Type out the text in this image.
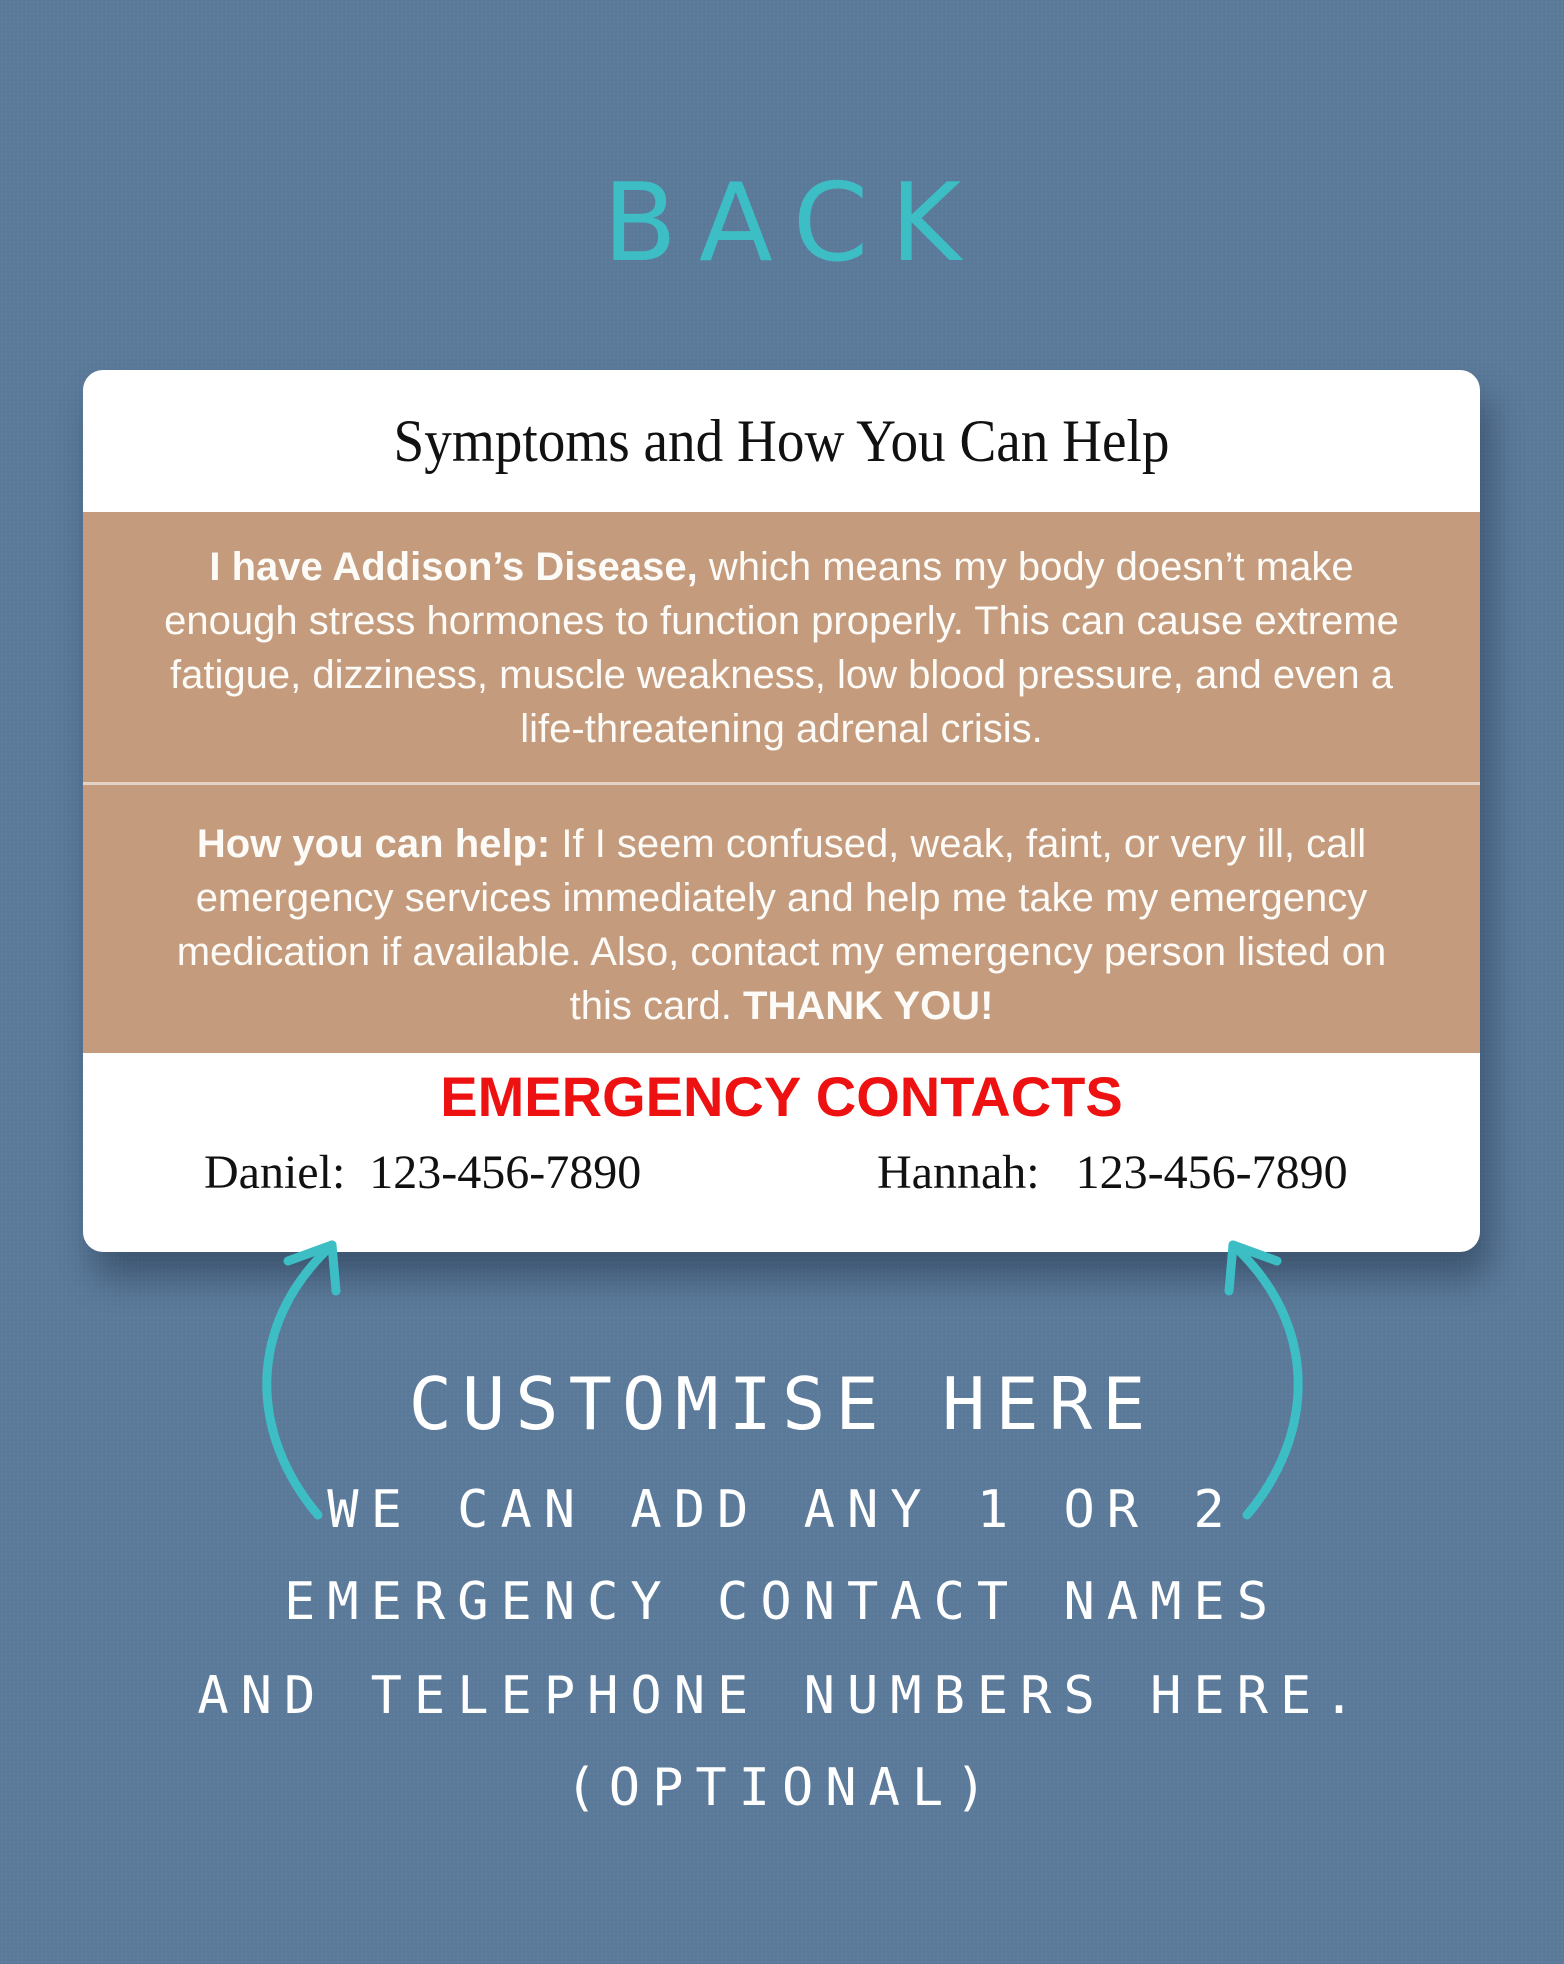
BACK
Symptoms and How You Can Help
I have Addison’s Disease, which means my body doesn’t make enough stress hormones to function properly. This can cause extreme fatigue, dizziness, muscle weakness, low blood pressure, and even a life-threatening adrenal crisis.
How you can help: If I seem confused, weak, faint, or very ill, call emergency services immediately and help me take my emergency medication if available. Also, contact my emergency person listed on this card. THANK YOU!
EMERGENCY CONTACTS
Daniel:  123-456-7890	Hannah:   123-456-7890
CUSTOMISE HERE
WE CAN ADD ANY 1 OR 2
EMERGENCY CONTACT NAMES
AND TELEPHONE NUMBERS HERE.
(OPTIONAL)
